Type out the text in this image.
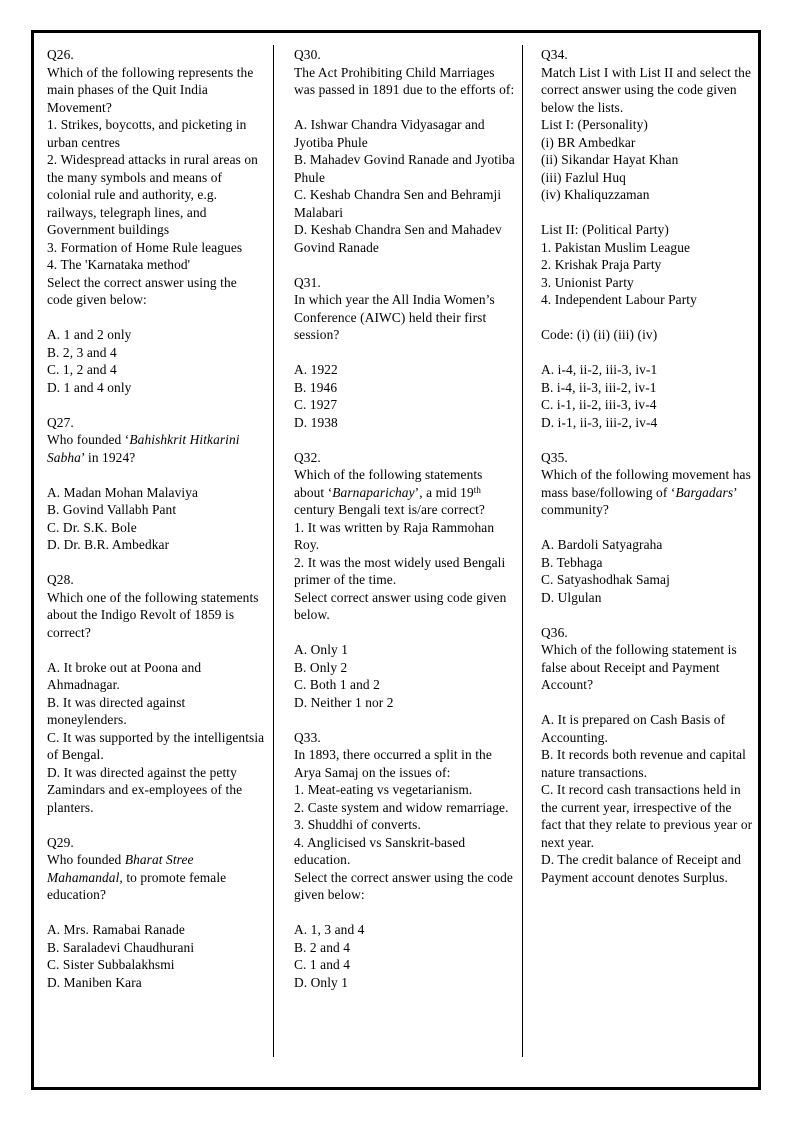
Q26.
Which of the following represents the main phases of the Quit India Movement?
1. Strikes, boycotts, and picketing in urban centres
2. Widespread attacks in rural areas on the many symbols and means of colonial rule and authority, e.g. railways, telegraph lines, and Government buildings
3. Formation of Home Rule leagues
4. The 'Karnataka method'
Select the correct answer using the code given below:

A. 1 and 2 only
B. 2, 3 and 4
C. 1, 2 and 4
D. 1 and 4 only
Q27.
Who founded ‘Bahishkrit Hitkarini Sabha’ in 1924?

A. Madan Mohan Malaviya
B. Govind Vallabh Pant
C. Dr. S.K. Bole
D. Dr. B.R. Ambedkar
Q28.
Which one of the following statements about the Indigo Revolt of 1859 is correct?

A. It broke out at Poona and Ahmadnagar.
B. It was directed against moneylenders.
C. It was supported by the intelligentsia of Bengal.
D. It was directed against the petty Zamindars and ex-employees of the planters.
Q29.
Who founded Bharat Stree Mahamandal, to promote female education?

A. Mrs. Ramabai Ranade
B. Saraladevi Chaudhurani
C. Sister Subbalakhsmi
D. Maniben Kara
Q30.
The Act Prohibiting Child Marriages was passed in 1891 due to the efforts of:

A. Ishwar Chandra Vidyasagar and Jyotiba Phule
B. Mahadev Govind Ranade and Jyotiba Phule
C. Keshab Chandra Sen and Behramji Malabari
D. Keshab Chandra Sen and Mahadev Govind Ranade
Q31.
In which year the All India Women’s Conference (AIWC) held their first session?

A. 1922
B. 1946
C. 1927
D. 1938
Q32.
Which of the following statements about ‘Barnaparichay’, a mid 19th century Bengali text is/are correct?
1. It was written by Raja Rammohan Roy.
2. It was the most widely used Bengali primer of the time.
Select correct answer using code given below.

A. Only 1
B. Only 2
C. Both 1 and 2
D. Neither 1 nor 2
Q33.
In 1893, there occurred a split in the Arya Samaj on the issues of:
1. Meat-eating vs vegetarianism.
2. Caste system and widow remarriage.
3. Shuddhi of converts.
4. Anglicised vs Sanskrit-based education.
Select the correct answer using the code given below:

A. 1, 3 and 4
B. 2 and 4
C. 1 and 4
D. Only 1
Q34.
Match List I with List II and select the correct answer using the code given below the lists.
List I: (Personality)
(i) BR Ambedkar
(ii) Sikandar Hayat Khan
(iii) Fazlul Huq
(iv) Khaliquzzaman

List II: (Political Party)
1. Pakistan Muslim League
2. Krishak Praja Party
3. Unionist Party
4. Independent Labour Party

Code: (i) (ii) (iii) (iv)

A. i-4, ii-2, iii-3, iv-1
B. i-4, ii-3, iii-2, iv-1
C. i-1, ii-2, iii-3, iv-4
D. i-1, ii-3, iii-2, iv-4
Q35.
Which of the following movement has mass base/following of ‘Bargadars’ community?

A. Bardoli Satyagraha
B. Tebhaga
C. Satyashodhak Samaj
D. Ulgulan
Q36.
Which of the following statement is false about Receipt and Payment Account?

A. It is prepared on Cash Basis of Accounting.
B. It records both revenue and capital nature transactions.
C. It record cash transactions held in the current year, irrespective of the fact that they relate to previous year or next year.
D. The credit balance of Receipt and Payment account denotes Surplus.
